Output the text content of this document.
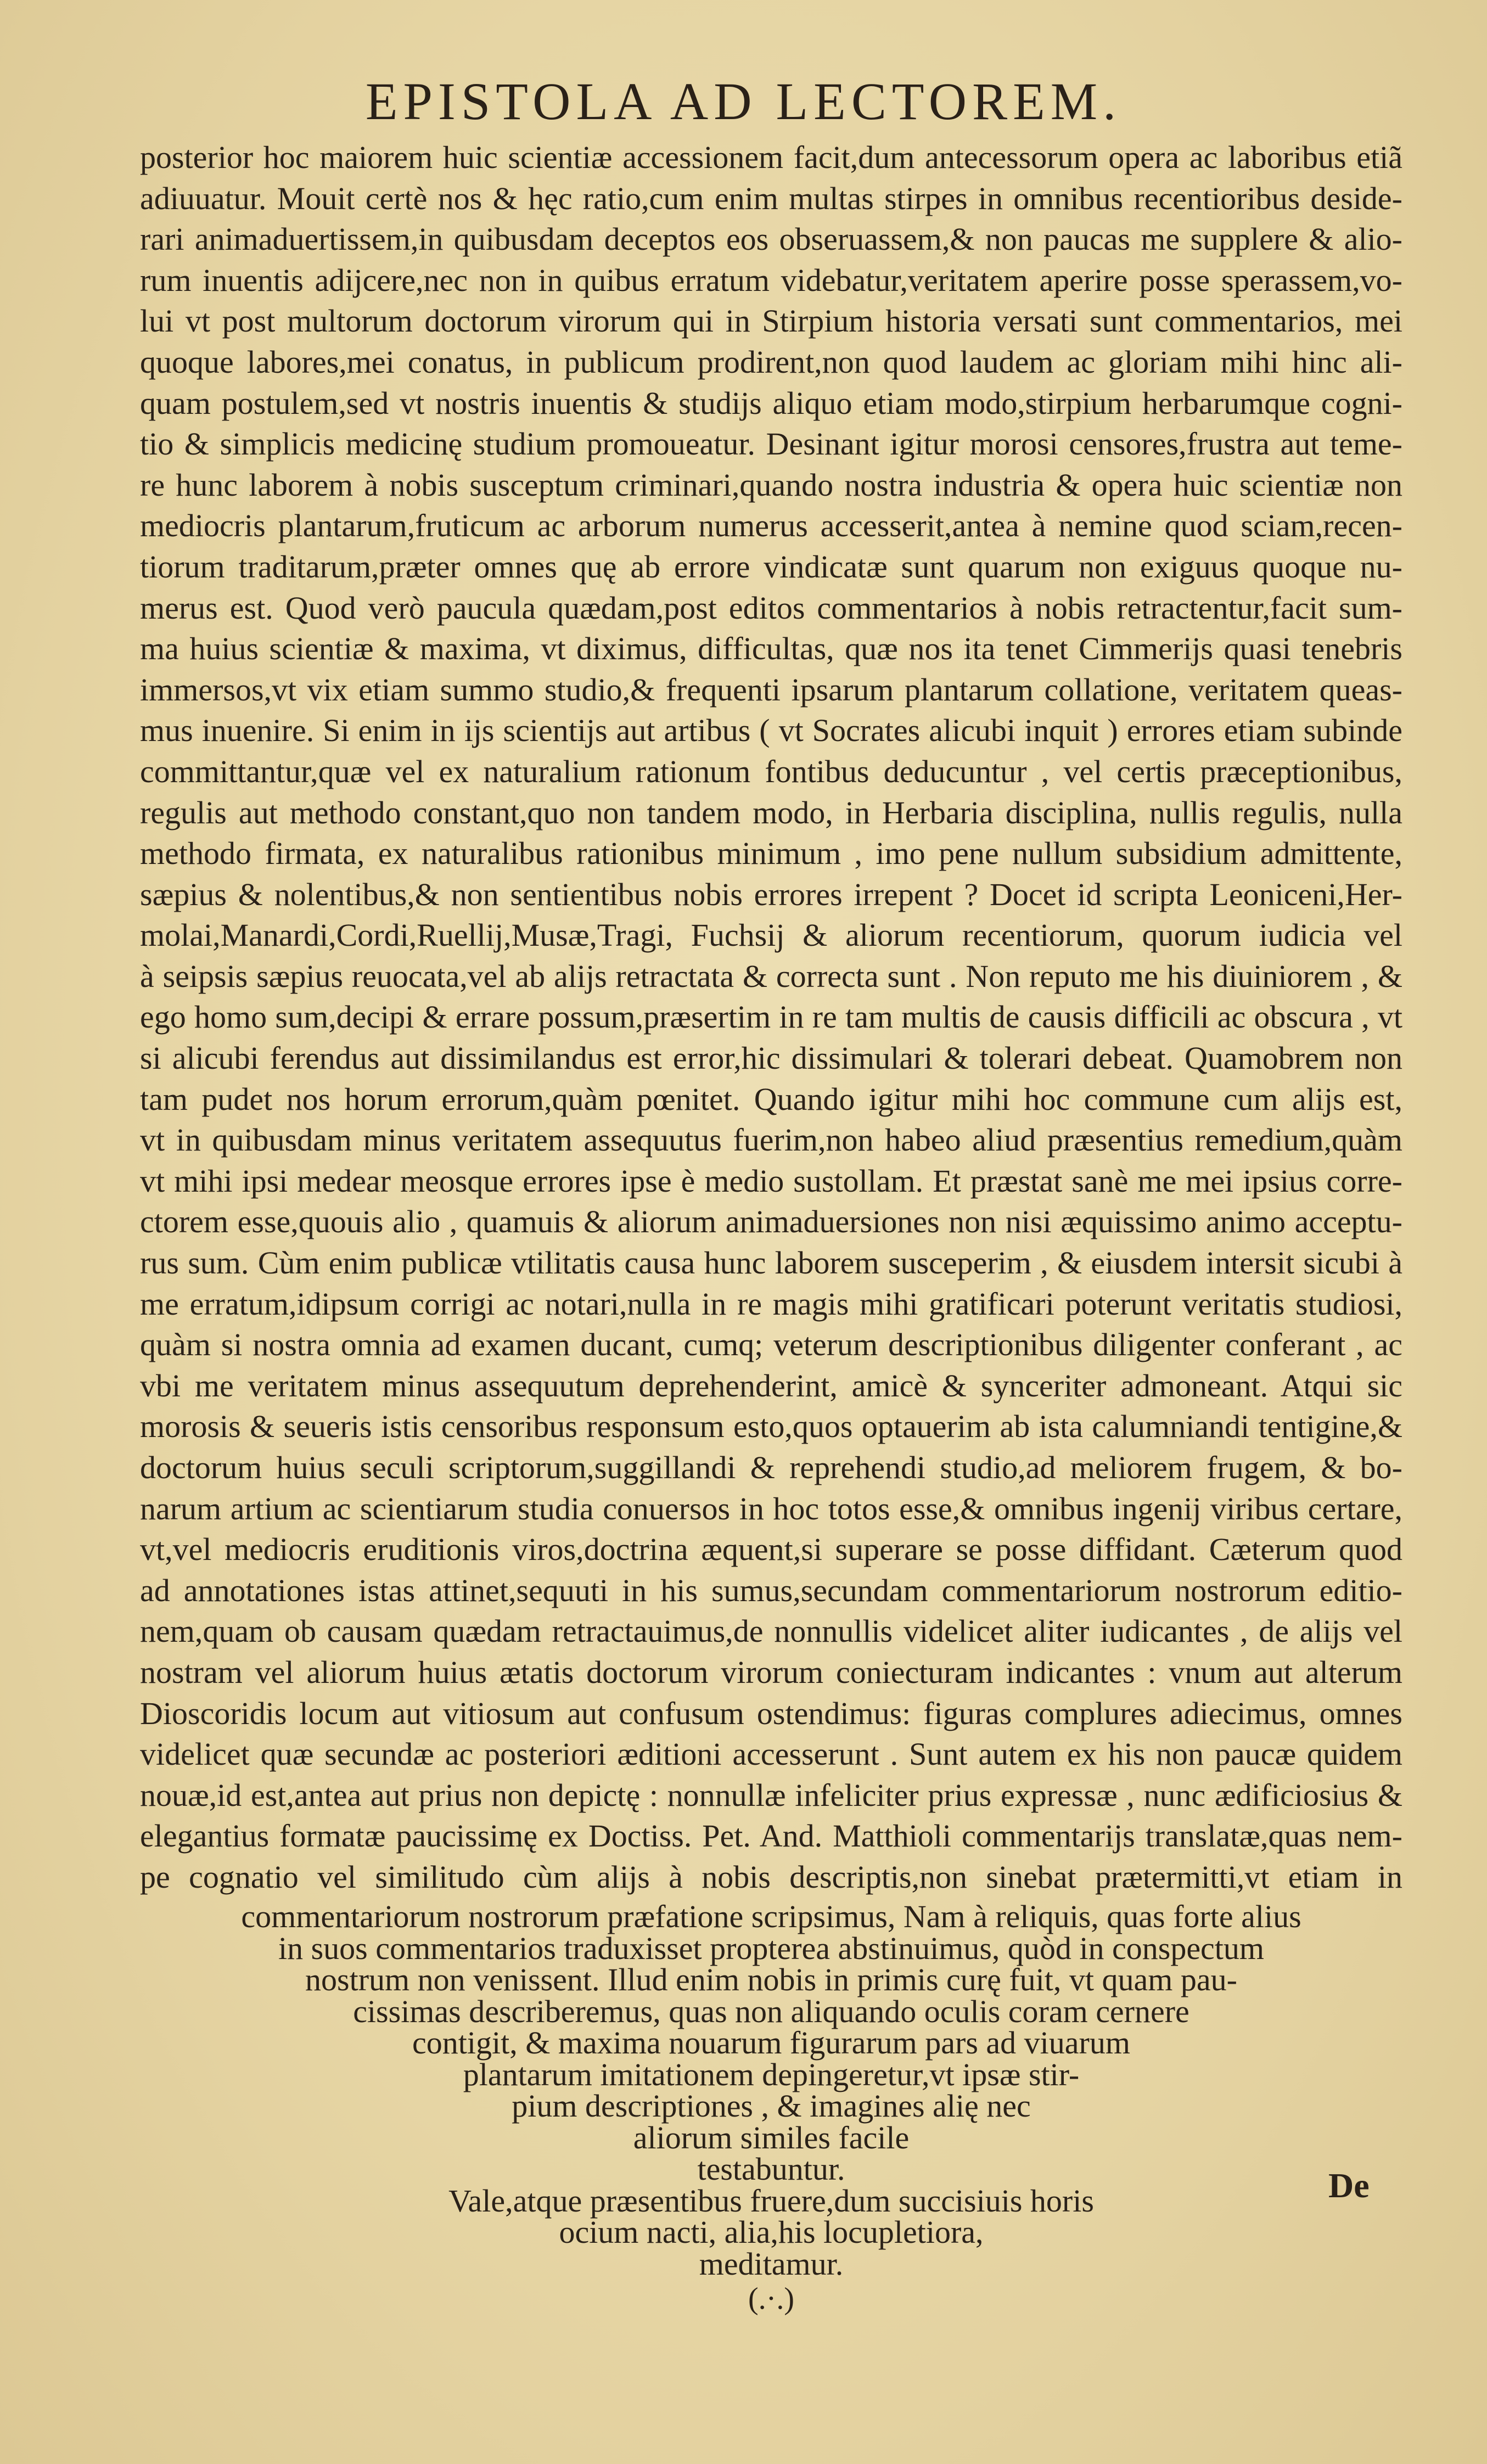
EPISTOLA AD LECTOREM.
posterior hoc maiorem huic scientiæ accessionem facit,dum antecessorum opera ac laboribus etiã
adiuuatur. Mouit certè nos & hęc ratio,cum enim multas stirpes in omnibus recentioribus deside-
rari animaduertissem,in quibusdam deceptos eos obseruassem,& non paucas me supplere & alio-
rum inuentis adijcere,nec non in quibus erratum videbatur,veritatem aperire posse sperassem,vo-
lui vt post multorum doctorum virorum qui in Stirpium historia versati sunt commentarios, mei
quoque labores,mei conatus, in publicum prodirent,non quod laudem ac gloriam mihi hinc ali-
quam postulem,sed vt nostris inuentis & studijs aliquo etiam modo,stirpium herbarumque cogni-
tio & simplicis medicinę studium promoueatur. Desinant igitur morosi censores,frustra aut teme-
re hunc laborem à nobis susceptum criminari,quando nostra industria & opera huic scientiæ non
mediocris plantarum,fruticum ac arborum numerus accesserit,antea à nemine quod sciam,recen-
tiorum traditarum,præter omnes quę ab errore vindicatæ sunt quarum non exiguus quoque nu-
merus est. Quod verò paucula quædam,post editos commentarios à nobis retractentur,facit sum-
ma huius scientiæ & maxima, vt diximus, difficultas, quæ nos ita tenet Cimmerijs quasi tenebris
immersos,vt vix etiam summo studio,& frequenti ipsarum plantarum collatione, veritatem queas-
mus inuenire. Si enim in ijs scientijs aut artibus ( vt Socrates alicubi inquit ) errores etiam subinde
committantur,quæ vel ex naturalium rationum fontibus deducuntur , vel certis præceptionibus,
regulis aut methodo constant,quo non tandem modo, in Herbaria disciplina, nullis regulis, nulla
methodo firmata, ex naturalibus rationibus minimum , imo pene nullum subsidium admittente,
sæpius & nolentibus,& non sentientibus nobis errores irrepent ? Docet id scripta Leoniceni,Her-
molai,Manardi,Cordi,Ruellij,Musæ,Tragi, Fuchsij & aliorum recentiorum, quorum iudicia vel
à seipsis sæpius reuocata,vel ab alijs retractata & correcta sunt . Non reputo me his diuiniorem , &
ego homo sum,decipi & errare possum,præsertim in re tam multis de causis difficili ac obscura , vt
si alicubi ferendus aut dissimilandus est error,hic dissimulari & tolerari debeat. Quamobrem non
tam pudet nos horum errorum,quàm pœnitet. Quando igitur mihi hoc commune cum alijs est,
vt in quibusdam minus veritatem assequutus fuerim,non habeo aliud præsentius remedium,quàm
vt mihi ipsi medear meosque errores ipse è medio sustollam. Et præstat sanè me mei ipsius corre-
ctorem esse,quouis alio , quamuis & aliorum animaduersiones non nisi æquissimo animo acceptu-
rus sum. Cùm enim publicæ vtilitatis causa hunc laborem susceperim , & eiusdem intersit sicubi à
me erratum,idipsum corrigi ac notari,nulla in re magis mihi gratificari poterunt veritatis studiosi,
quàm si nostra omnia ad examen ducant, cumq; veterum descriptionibus diligenter conferant , ac
vbi me veritatem minus assequutum deprehenderint, amicè & synceriter admoneant. Atqui sic
morosis & seueris istis censoribus responsum esto,quos optauerim ab ista calumniandi tentigine,&
doctorum huius seculi scriptorum,suggillandi & reprehendi studio,ad meliorem frugem, & bo-
narum artium ac scientiarum studia conuersos in hoc totos esse,& omnibus ingenij viribus certare,
vt,vel mediocris eruditionis viros,doctrina æquent,si superare se posse diffidant. Cæterum quod
ad annotationes istas attinet,sequuti in his sumus,secundam commentariorum nostrorum editio-
nem,quam ob causam quædam retractauimus,de nonnullis videlicet aliter iudicantes , de alijs vel
nostram vel aliorum huius ætatis doctorum virorum coniecturam indicantes : vnum aut alterum
Dioscoridis locum aut vitiosum aut confusum ostendimus: figuras complures adiecimus, omnes
videlicet quæ secundæ ac posteriori æditioni accesserunt . Sunt autem ex his non paucæ quidem
nouæ,id est,antea aut prius non depictę : nonnullæ infeliciter prius expressæ , nunc ædificiosius &
elegantius formatæ paucissimę ex Doctiss. Pet. And. Matthioli commentarijs translatæ,quas nem-
pe cognatio vel similitudo cùm alijs à nobis descriptis,non sinebat prætermitti,vt etiam in
commentariorum nostrorum præfatione scripsimus, Nam à reliquis, quas forte alius
in suos commentarios traduxisset propterea abstinuimus, quòd in conspectum
nostrum non venissent. Illud enim nobis in primis curę fuit, vt quam pau-
cissimas describeremus, quas non aliquando oculis coram cernere
contigit, & maxima nouarum figurarum pars ad viuarum
plantarum imitationem depingeretur,vt ipsæ stir-
pium descriptiones , & imagines alię nec
aliorum similes facile
testabuntur.
Vale,atque præsentibus fruere,dum succisiuis horis
ocium nacti, alia,his locupletiora,
meditamur.
(.·.)
De
